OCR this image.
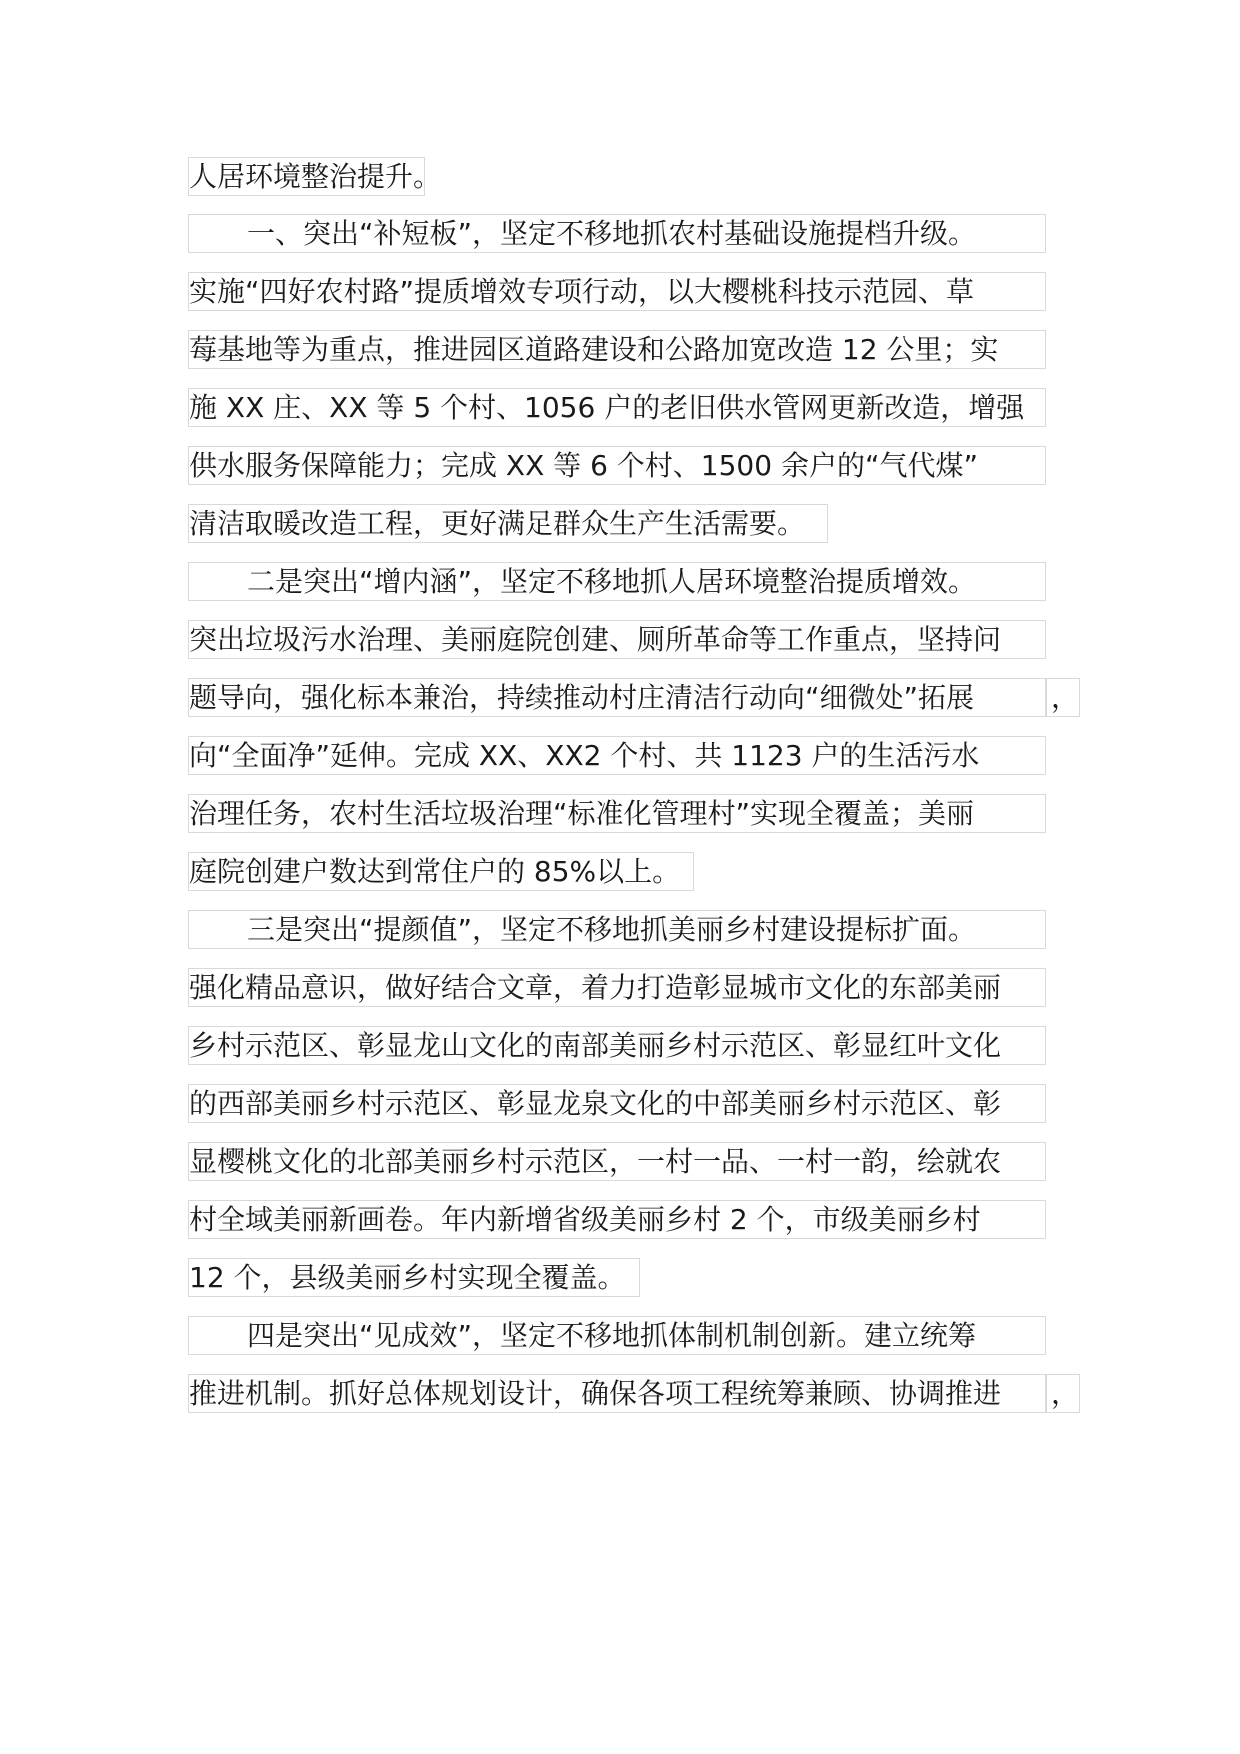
人居环境整治提升。
一、突出“补短板”，坚定不移地抓农村基础设施提档升级。
实施“四好农村路”提质增效专项行动，以大樱桃科技示范园、草
莓基地等为重点，推进园区道路建设和公路加宽改造 12 公里；实
施 XX 庄、XX 等 5 个村、1056 户的老旧供水管网更新改造，增强
供水服务保障能力；完成 XX 等 6 个村、1500 余户的“气代煤”
清洁取暖改造工程，更好满足群众生产生活需要。
二是突出“增内涵”，坚定不移地抓人居环境整治提质增效。
突出垃圾污水治理、美丽庭院创建、厕所革命等工作重点，坚持问
题导向，强化标本兼治，持续推动村庄清洁行动向“细微处”拓展	，
向“全面净”延伸。完成 XX、XX2 个村、共 1123 户的生活污水
治理任务，农村生活垃圾治理“标准化管理村”实现全覆盖；美丽
庭院创建户数达到常住户的 85%以上。
三是突出“提颜值”，坚定不移地抓美丽乡村建设提标扩面。
强化精品意识，做好结合文章，着力打造彰显城市文化的东部美丽
乡村示范区、彰显龙山文化的南部美丽乡村示范区、彰显红叶文化
的西部美丽乡村示范区、彰显龙泉文化的中部美丽乡村示范区、彰
显樱桃文化的北部美丽乡村示范区，一村一品、一村一韵，绘就农
村全域美丽新画卷。年内新增省级美丽乡村 2 个，市级美丽乡村
12 个，县级美丽乡村实现全覆盖。
四是突出“见成效”，坚定不移地抓体制机制创新。建立统筹
推进机制。抓好总体规划设计，确保各项工程统筹兼顾、协调推进	，
